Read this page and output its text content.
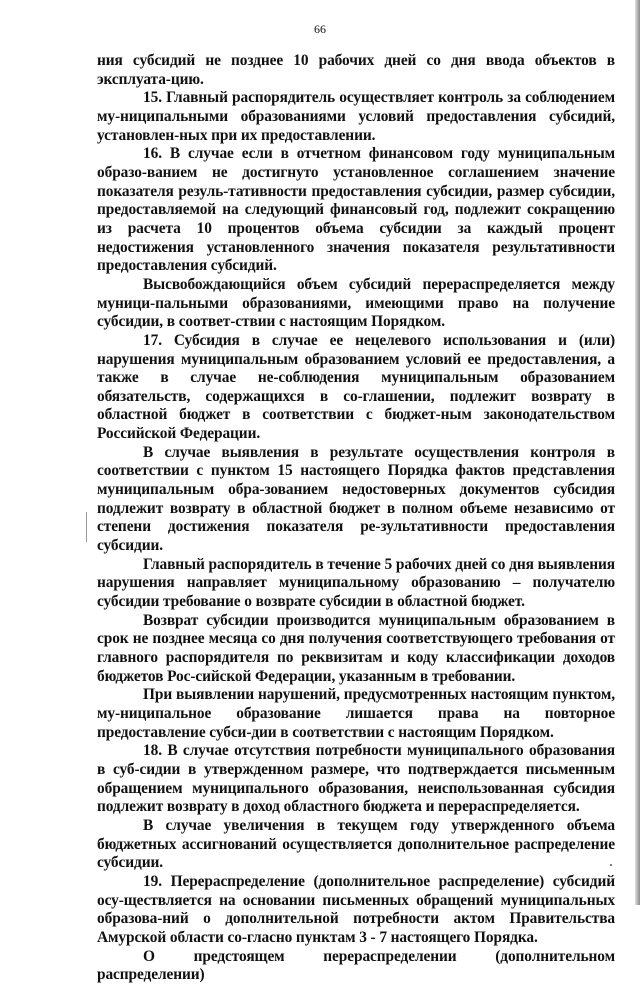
66

ния субсидий не позднее 10 рабочих дней со дня ввода объектов в эксплуата-цию.

15. Главный распорядитель осуществляет контроль за соблюдением му-ниципальными образованиями условий предоставления субсидий, установлен-ных при их предоставлении.

16. В случае если в отчетном финансовом году муниципальным образо-ванием не достигнуто установленное соглашением значение показателя резуль-тативности предоставления субсидии, размер субсидии, предоставляемой на следующий финансовый год, подлежит сокращению из расчета 10 процентов объема субсидии за каждый процент недостижения установленного значения показателя результативности предоставления субсидий.

Высвобождающийся объем субсидий перераспределяется между муници-пальными образованиями, имеющими право на получение субсидии, в соответ-ствии с настоящим Порядком.

17. Субсидия в случае ее нецелевого использования и (или) нарушения муниципальным образованием условий ее предоставления, а также в случае не-соблюдения муниципальным образованием обязательств, содержащихся в со-глашении, подлежит возврату в областной бюджет в соответствии с бюджет-ным законодательством Российской Федерации.

В случае выявления в результате осуществления контроля в соответствии с пунктом 15 настоящего Порядка фактов представления муниципальным обра-зованием недостоверных документов субсидия подлежит возврату в областной бюджет в полном объеме независимо от степени достижения показателя ре-зультативности предоставления субсидии.

Главный распорядитель в течение 5 рабочих дней со дня выявления нарушения направляет муниципальному образованию – получателю субсидии требование о возврате субсидии в областной бюджет.

Возврат субсидии производится муниципальным образованием в срок не позднее месяца со дня получения соответствующего требования от главного распорядителя по реквизитам и коду классификации доходов бюджетов Рос-сийской Федерации, указанным в требовании.

При выявлении нарушений, предусмотренных настоящим пунктом, му-ниципальное образование лишается права на повторное предоставление субси-дии в соответствии с настоящим Порядком.

18. В случае отсутствия потребности муниципального образования в суб-сидии в утвержденном размере, что подтверждается письменным обращением муниципального образования, неиспользованная субсидия подлежит возврату в доход областного бюджета и перераспределяется.

В случае увеличения в текущем году утвержденного объема бюджетных ассигнований осуществляется дополнительное распределение субсидии.

19. Перераспределение (дополнительное распределение) субсидий осу-ществляется на основании письменных обращений муниципальных образова-ний о дополнительной потребности актом Правительства Амурской области со-гласно пунктам 3 - 7 настоящего Порядка.

О предстоящем перераспределении (дополнительном распределении)
